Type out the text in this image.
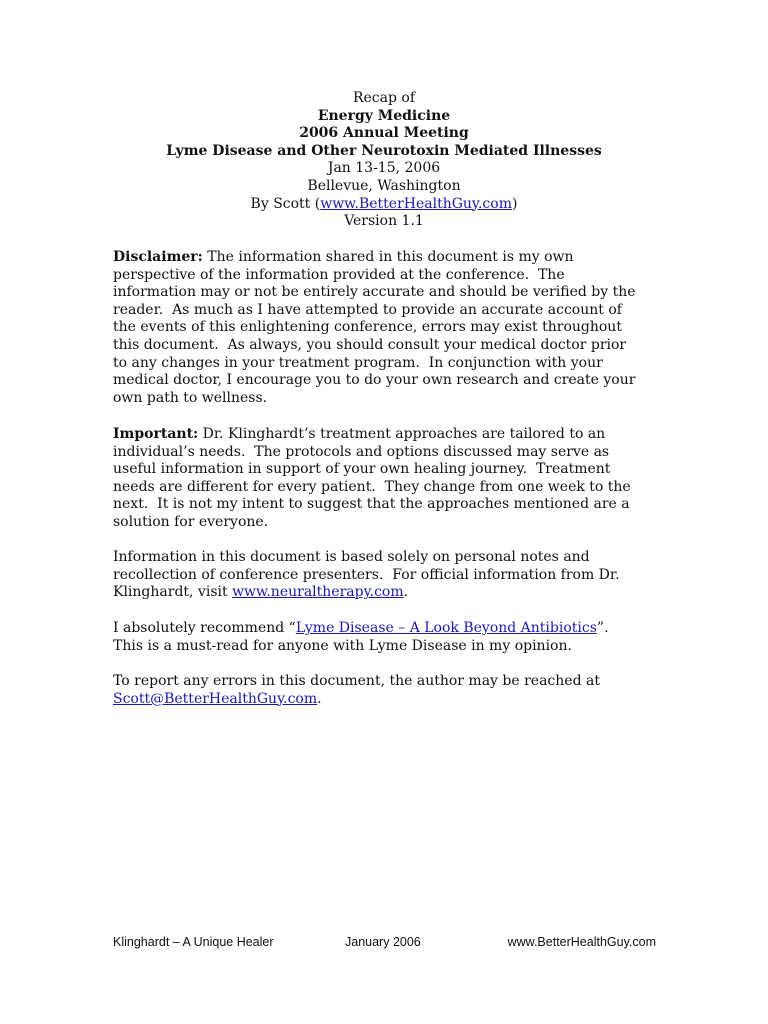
Recap of
Energy Medicine
2006 Annual Meeting
Lyme Disease and Other Neurotoxin Mediated Illnesses
Jan 13-15, 2006
Bellevue, Washington
By Scott (www.BetterHealthGuy.com)
Version 1.1

Disclaimer: The information shared in this document is my own

perspective of the information provided at the conference.  The

information may or not be entirely accurate and should be verified by the

reader.  As much as I have attempted to provide an accurate account of

the events of this enlightening conference, errors may exist throughout

this document.  As always, you should consult your medical doctor prior

to any changes in your treatment program.  In conjunction with your

medical doctor, I encourage you to do your own research and create your

own path to wellness.

Important: Dr. Klinghardt’s treatment approaches are tailored to an

individual’s needs.  The protocols and options discussed may serve as

useful information in support of your own healing journey.  Treatment

needs are different for every patient.  They change from one week to the

next.  It is not my intent to suggest that the approaches mentioned are a

solution for everyone.

Information in this document is based solely on personal notes and

recollection of conference presenters.  For official information from Dr.

Klinghardt, visit www.neuraltherapy.com.

I absolutely recommend “Lyme Disease – A Look Beyond Antibiotics”.

This is a must-read for anyone with Lyme Disease in my opinion.

To report any errors in this document, the author may be reached at

Scott@BetterHealthGuy.com.

Klinghardt – A Unique Healer	January 2006	www.BetterHealthGuy.com
